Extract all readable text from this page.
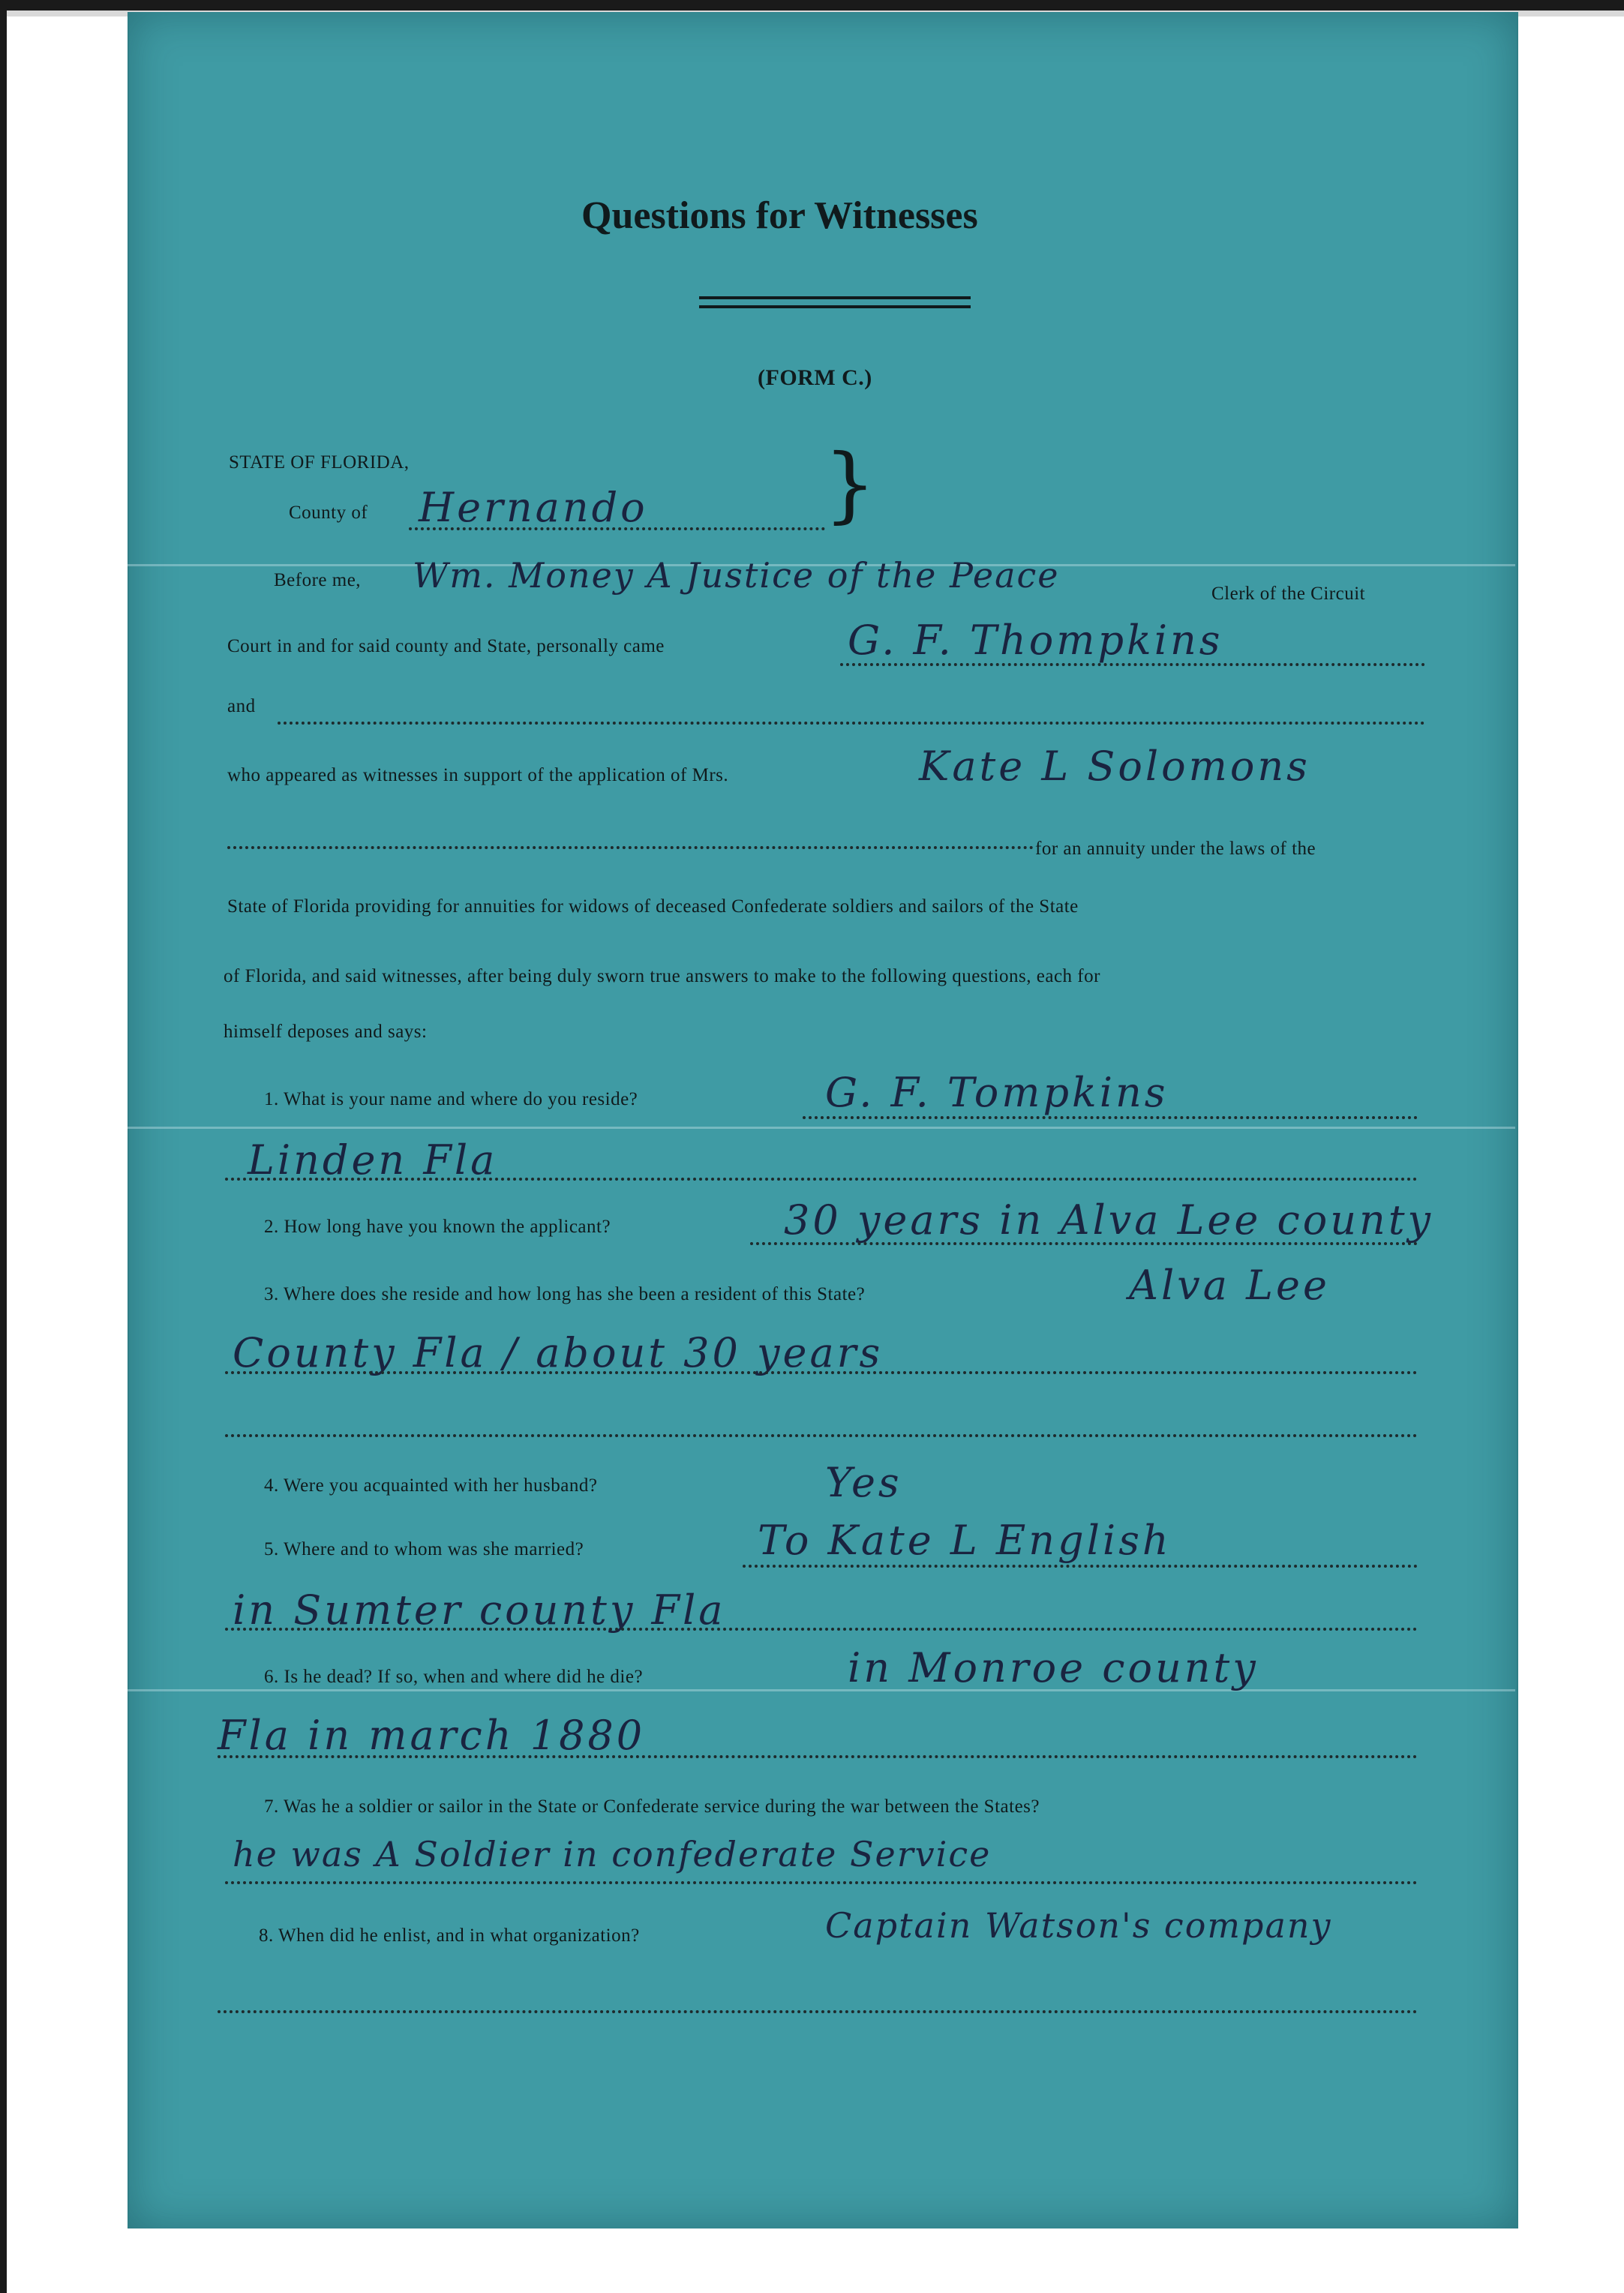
Questions for Witnesses
(FORM C.)
STATE OF FLORIDA,
County of Hernando }
Before me, Wm. Money A Justice of the Peace	Clerk of the Circuit
Court in and for said county and State, personally came	G. F. Thompkins
and
who appeared as witnesses in support of the application of Mrs.	Kate L Solomons
for an annuity under the laws of the
State of Florida providing for annuities for widows of deceased Confederate soldiers and sailors of the State
of Florida, and said witnesses, after being duly sworn true answers to make to the following questions, each for
himself deposes and says:
1. What is your name and where do you reside?	G. F. Tompkins
Linden Fla
2. How long have you known the applicant?	30 years in Alva Lee county
3. Where does she reside and how long has she been a resident of this State?	Alva Lee
County Fla / about 30 years
4. Were you acquainted with her husband?	Yes
5. Where and to whom was she married?	To Kate L English
in Sumter county Fla
6. Is he dead? If so, when and where did he die?	in Monroe county
Fla in march 1880
7. Was he a soldier or sailor in the State or Confederate service during the war between the States?
he was A Soldier in confederate Service
8. When did he enlist, and in what organization?	Captain Watson's company
